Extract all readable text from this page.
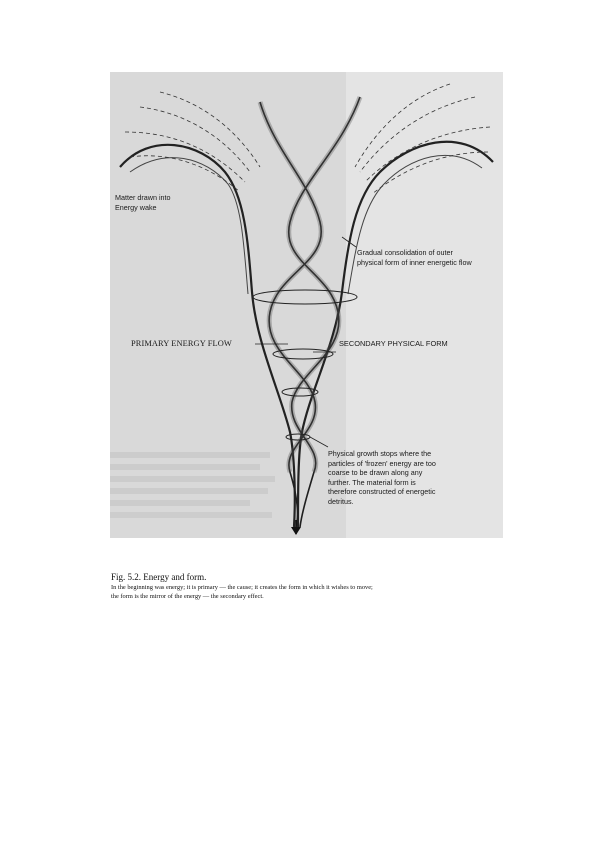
Matter drawn into
Energy wake
Gradual consolidation of outer
physical form of inner energetic flow
PRIMARY ENERGY FLOW	SECONDARY PHYSICAL FORM
Physical growth stops where the
particles of 'frozen' energy are too
coarse to be drawn along any
further. The material form is
therefore constructed of energetic
detritus.
Fig. 5.2. Energy and form.
In the beginning was energy; it is primary — the cause; it creates the form in which it wishes to move;
the form is the mirror of the energy — the secondary effect.
